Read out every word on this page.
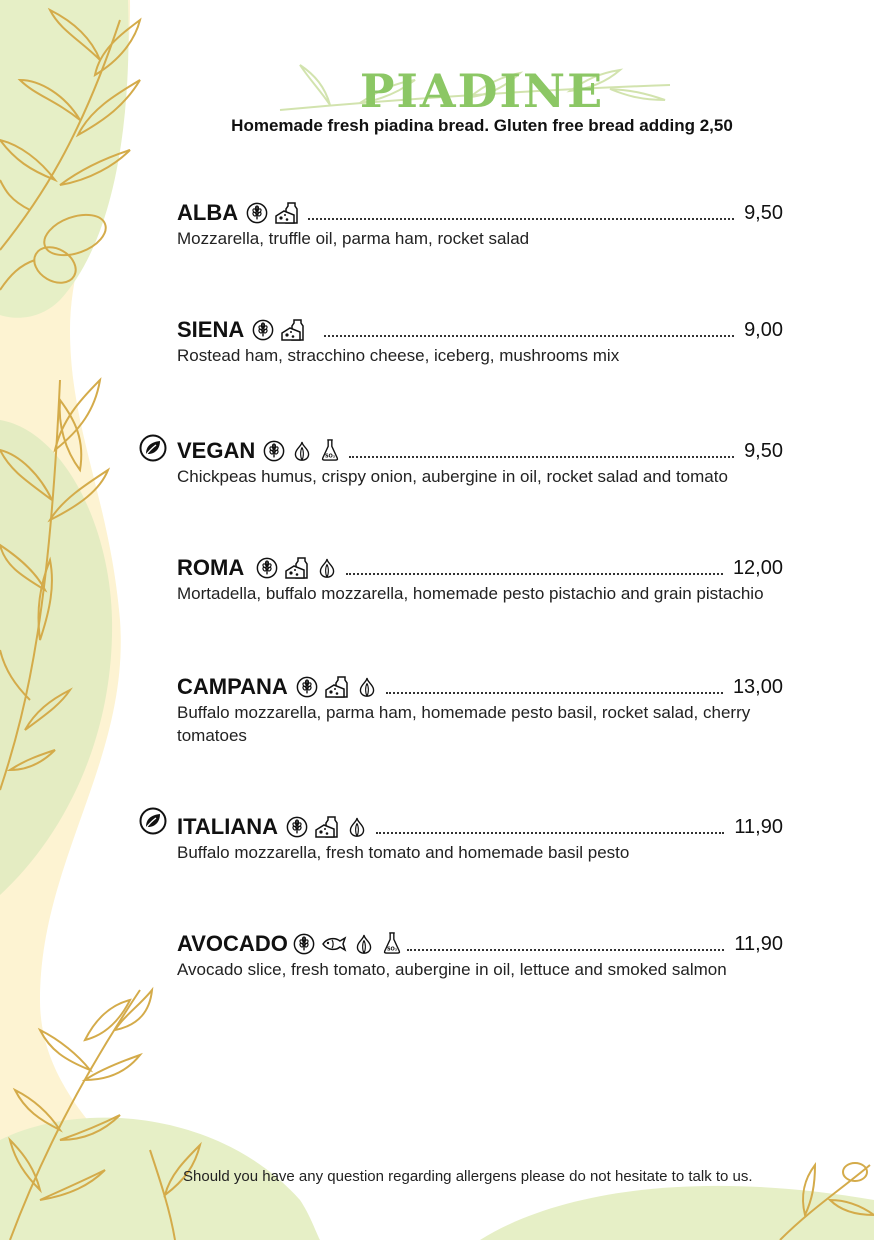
PIADINE
Homemade fresh piadina bread. Gluten free bread adding 2,50
ALBA	9,50
Mozzarella, truffle oil, parma ham, rocket salad
SIENA	9,00
Rostead ham, stracchino cheese, iceberg, mushrooms mix
VEGAN	9,50
Chickpeas humus, crispy onion, aubergine in oil, rocket salad and tomato
ROMA	12,00
Mortadella, buffalo mozzarella, homemade pesto pistachio and grain pistachio
CAMPANA	13,00
Buffalo mozzarella, parma ham, homemade pesto basil, rocket salad, cherry tomatoes
ITALIANA	11,90
Buffalo mozzarella, fresh tomato and homemade basil pesto
AVOCADO	11,90
Avocado slice, fresh tomato, aubergine in oil, lettuce and smoked salmon
Should you have any question regarding allergens please do not hesitate to talk to us.
